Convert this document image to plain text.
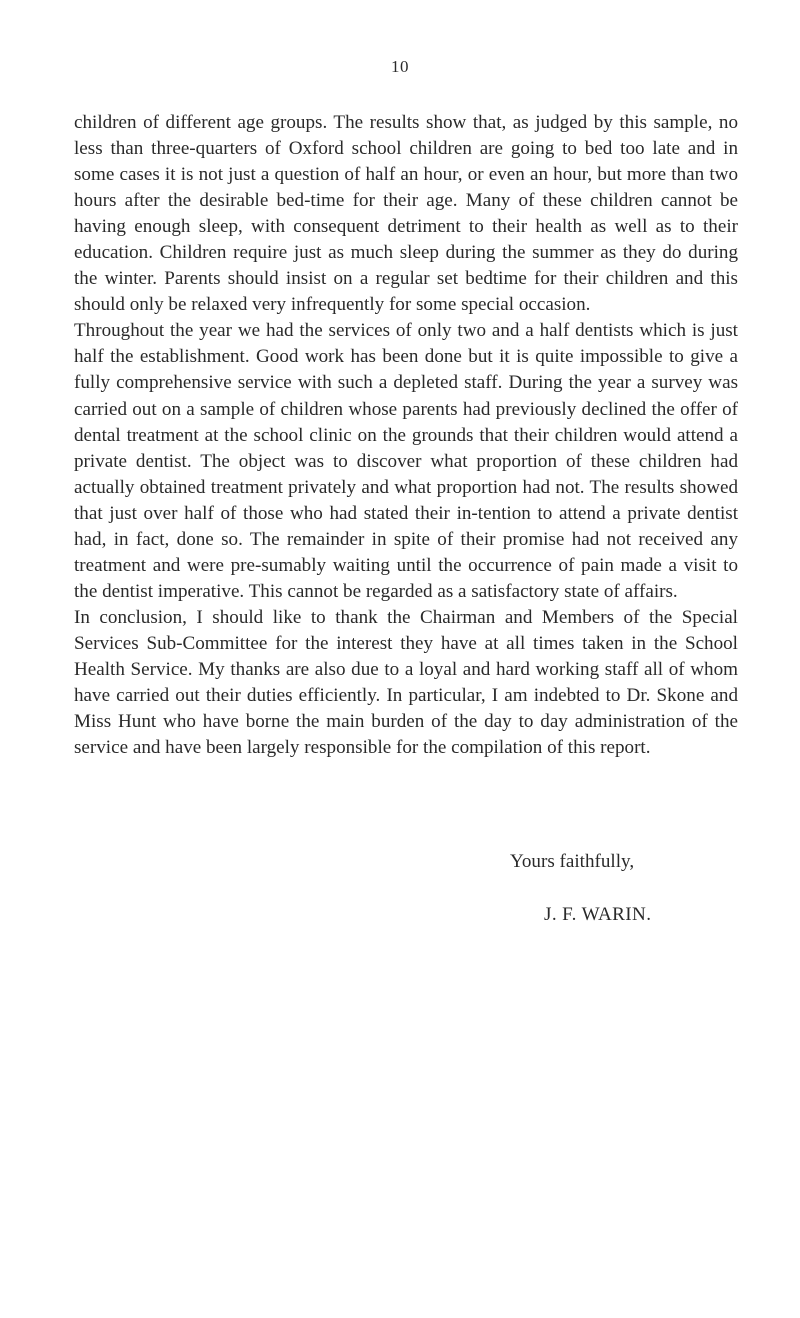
10

children of different age groups. The results show that, as judged by this sample, no less than three-quarters of Oxford school children are going to bed too late and in some cases it is not just a question of half an hour, or even an hour, but more than two hours after the desirable bed-time for their age. Many of these children cannot be having enough sleep, with consequent detriment to their health as well as to their education. Children require just as much sleep during the summer as they do during the winter. Parents should insist on a regular set bedtime for their children and this should only be relaxed very infrequently for some special occasion.

Throughout the year we had the services of only two and a half dentists which is just half the establishment. Good work has been done but it is quite impossible to give a fully comprehensive service with such a depleted staff. During the year a survey was carried out on a sample of children whose parents had previously declined the offer of dental treatment at the school clinic on the grounds that their children would attend a private dentist. The object was to discover what proportion of these children had actually obtained treatment privately and what proportion had not. The results showed that just over half of those who had stated their in-tention to attend a private dentist had, in fact, done so. The remainder in spite of their promise had not received any treatment and were pre-sumably waiting until the occurrence of pain made a visit to the dentist imperative. This cannot be regarded as a satisfactory state of affairs.

In conclusion, I should like to thank the Chairman and Members of the Special Services Sub-Committee for the interest they have at all times taken in the School Health Service. My thanks are also due to a loyal and hard working staff all of whom have carried out their duties efficiently. In particular, I am indebted to Dr. Skone and Miss Hunt who have borne the main burden of the day to day administration of the service and have been largely responsible for the compilation of this report.

Yours faithfully,
J. F. WARIN.
